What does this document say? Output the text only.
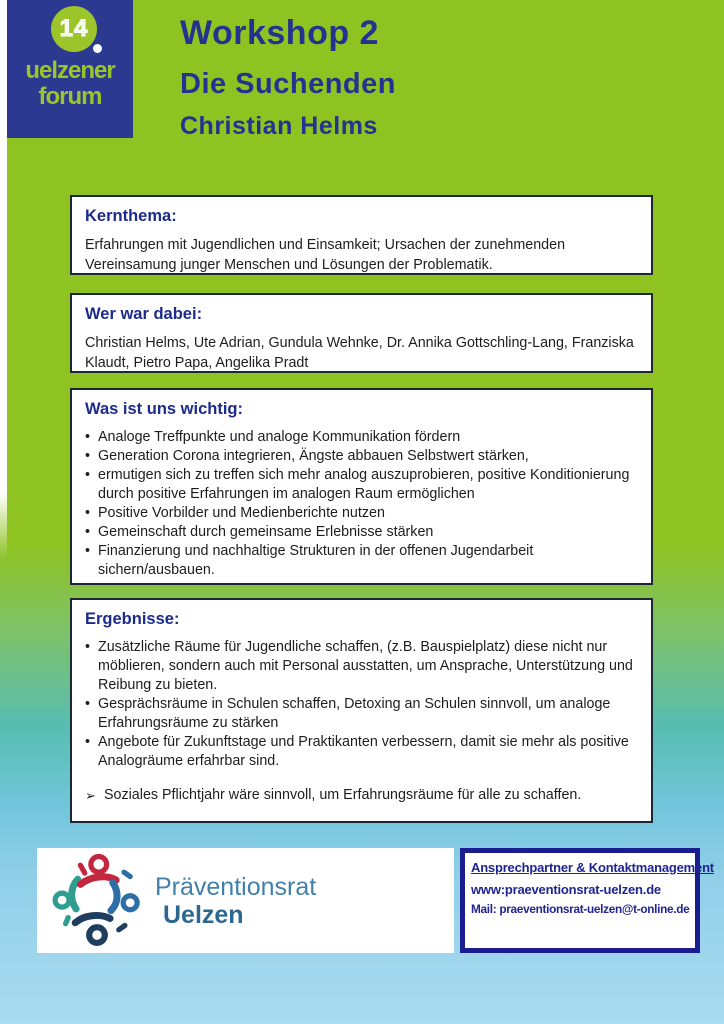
14
uelzener
forum
Workshop 2
Die Suchenden
Christian Helms
Kernthema:
Erfahrungen mit Jugendlichen und Einsamkeit; Ursachen der zunehmenden Vereinsamung junger Menschen und Lösungen der Problematik.
Wer war dabei:
Christian Helms, Ute Adrian, Gundula Wehnke, Dr. Annika Gottschling-Lang, Franziska Klaudt, Pietro Papa, Angelika Pradt
Was ist uns wichtig:
• Analoge Treffpunkte und analoge Kommunikation fördern
• Generation Corona integrieren, Ängste abbauen Selbstwert stärken,
• ermutigen sich zu treffen sich mehr analog auszuprobieren, positive Konditionierung durch positive Erfahrungen im analogen Raum ermöglichen
• Positive Vorbilder und Medienberichte nutzen
• Gemeinschaft durch gemeinsame Erlebnisse stärken
• Finanzierung und nachhaltige Strukturen in der offenen Jugendarbeit sichern/ausbauen.
Ergebnisse:
• Zusätzliche Räume für Jugendliche schaffen, (z.B. Bauspielplatz) diese nicht nur möblieren, sondern auch mit Personal ausstatten, um Ansprache, Unterstützung und Reibung zu bieten.
• Gesprächsräume in Schulen schaffen, Detoxing an Schulen sinnvoll, um analoge Erfahrungsräume zu stärken
• Angebote für Zukunftstage und Praktikanten verbessern, damit sie mehr als positive Analogräume erfahrbar sind.
➢ Soziales Pflichtjahr wäre sinnvoll, um Erfahrungsräume für alle zu schaffen.
Präventionsrat
Uelzen
Ansprechpartner & Kontaktmanagement
www:praeventionsrat-uelzen.de
Mail: praeventionsrat-uelzen@t-online.de
